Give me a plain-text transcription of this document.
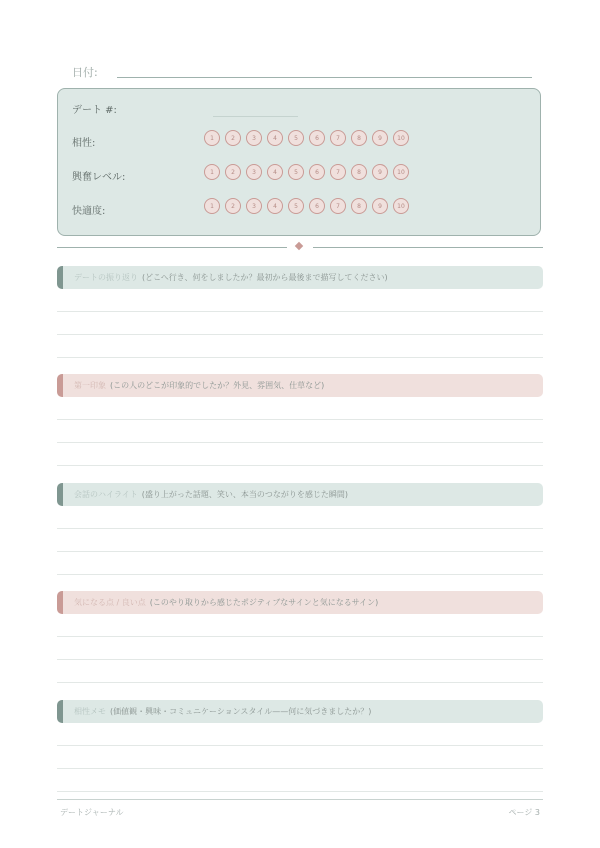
日付:
デート #:
相性:	1	2	3	4	5	6	7	8	9	10
興奮レベル:	1	2	3	4	5	6	7	8	9	10
快適度:	1	2	3	4	5	6	7	8	9	10
デートの振り返り (どこへ行き、何をしましたか？最初から最後まで描写してください)
第一印象 (この人のどこが印象的でしたか？外見、雰囲気、仕草など)
会話のハイライト (盛り上がった話題、笑い、本当のつながりを感じた瞬間)
気になる点 / 良い点 (このやり取りから感じたポジティブなサインと気になるサイン)
相性メモ (価値観・興味・コミュニケーションスタイル——何に気づきましたか？)
デートジャーナル	ページ 3
